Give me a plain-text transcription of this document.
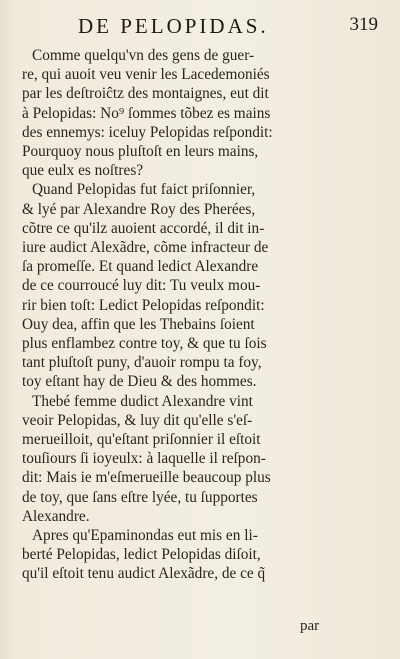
DE PELOPIDAS.	319
Comme quelqu'vn des gens de guer-
re, qui auoit veu venir les Lacedemoniés
par les deſtroiĉtz des montaignes, eut dit
à Pelopidas: No⁹ ſommes tõbez es mains
des ennemys: iceluy Pelopidas reſpondit:
Pourquoy nous pluſtoſt en leurs mains,
que eulx es noſtres?
Quand Pelopidas fut faict priſonnier,
& lyé par Alexandre Roy des Pherées,
cõtre ce qu'ilz auoient accordé, il dit in-
iure audict Alexãdre, cõme infracteur de
ſa promeſſe. Et quand ledict Alexandre
de ce courroucé luy dit: Tu veulx mou-
rir bien toſt: Ledict Pelopidas reſpondit:
Ouy dea, affin que les Thebains ſoient
plus enflambez contre toy, & que tu ſois
tant pluſtoſt puny, d'auoir rompu ta foy,
toy eſtant hay de Dieu & des hommes.
Thebé femme dudict Alexandre vint
veoir Pelopidas, & luy dit qu'elle s'eſ-
merueilloit, qu'eſtant priſonnier il eſtoit
touſiours ſi ioyeulx: à laquelle il reſpon-
dit: Mais ie m'eſmerueille beaucoup plus
de toy, que ſans eſtre lyée, tu ſupportes
Alexandre.
Apres qu'Epaminondas eut mis en li-
berté Pelopidas, ledict Pelopidas diſoit,
qu'il eſtoit tenu audict Alexãdre, de ce q̃
par
